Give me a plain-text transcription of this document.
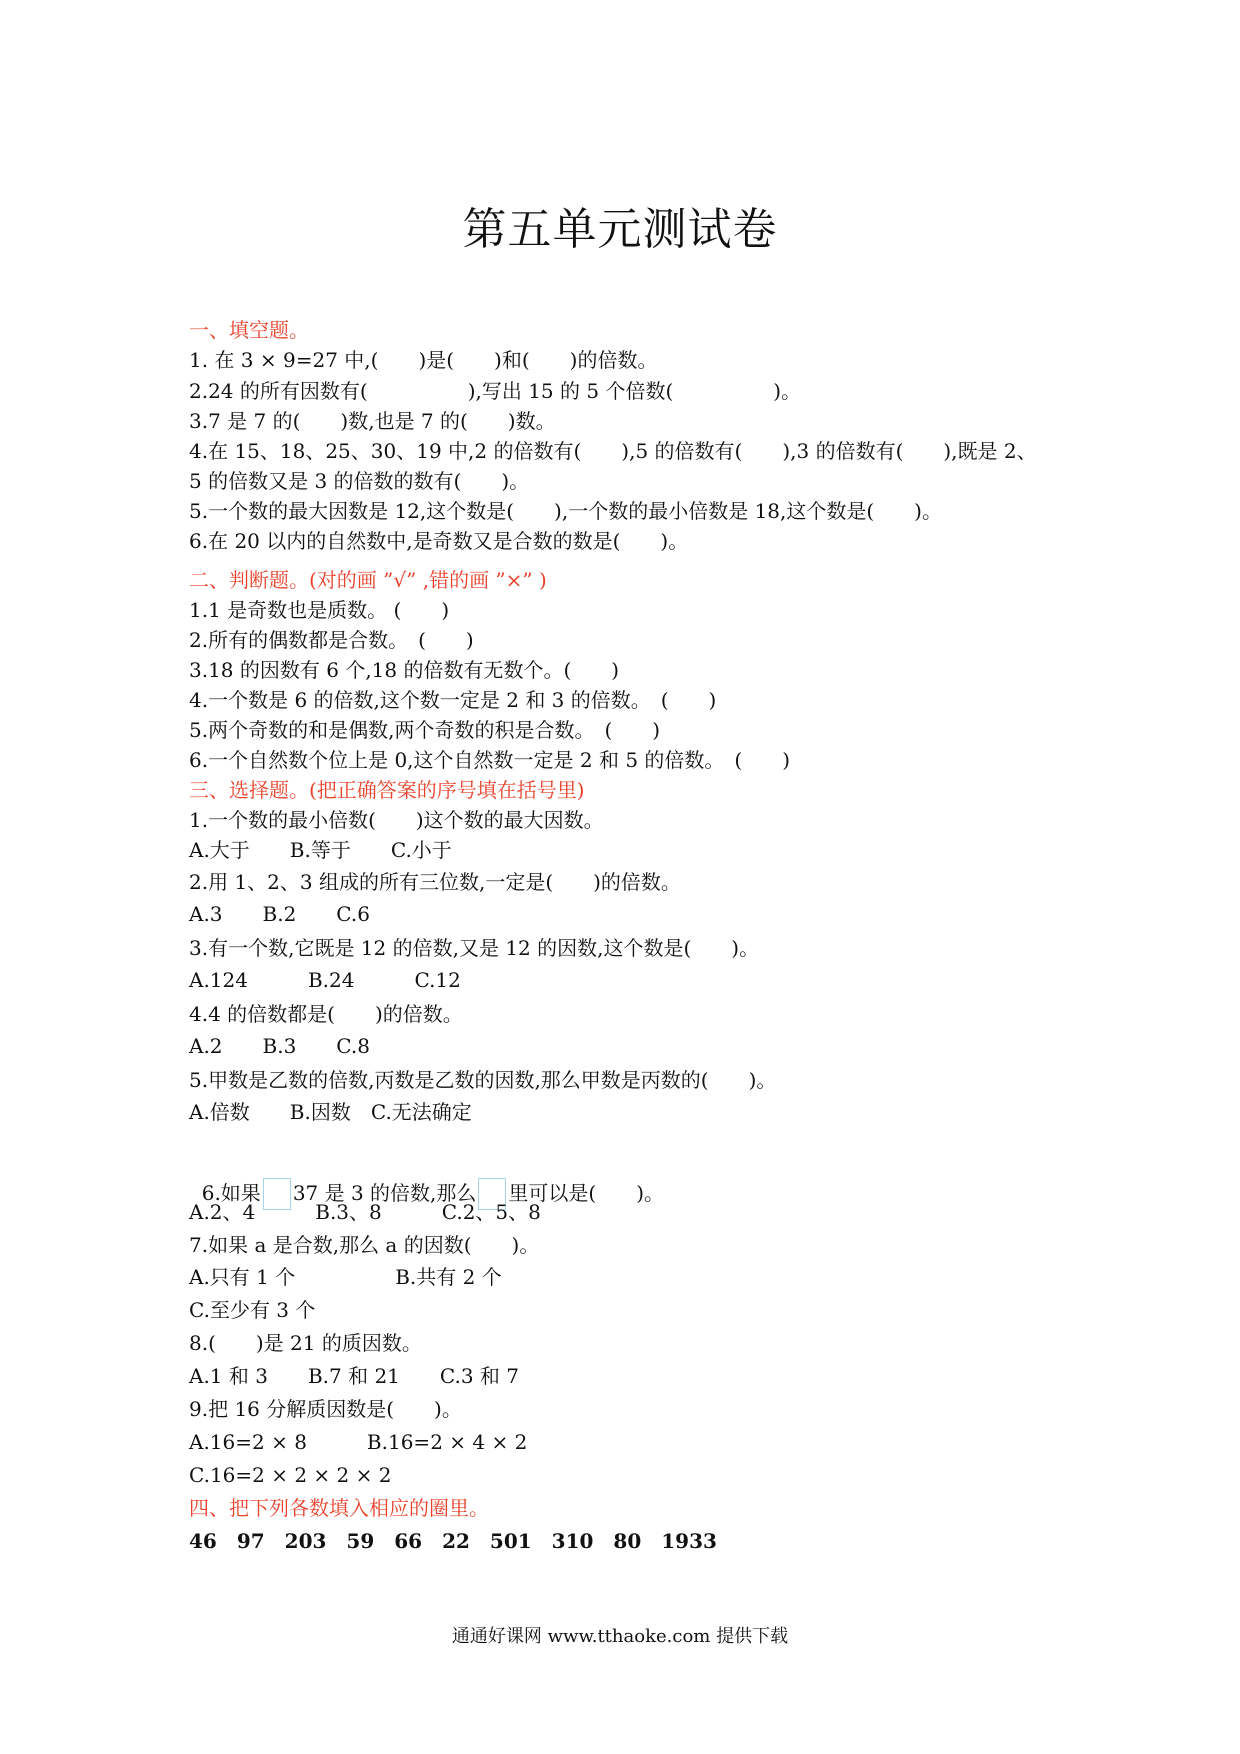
第五单元测试卷
一、填空题。
1. 在 3 × 9=27 中,(　　)是(　　)和(　　)的倍数。
2.24 的所有因数有(　　　　　),写出 15 的 5 个倍数(　　　　　)。
3.7 是 7 的(　　)数,也是 7 的(　　)数。
4.在 15、18、25、30、19 中,2 的倍数有(　　),5 的倍数有(　　),3 的倍数有(　　),既是 2、
5 的倍数又是 3 的倍数的数有(　　)。
5.一个数的最大因数是 12,这个数是(　　),一个数的最小倍数是 18,这个数是(　　)。
6.在 20 以内的自然数中,是奇数又是合数的数是(　　)。
二、判断题。(对的画 ”√” ,错的画 ”×” )
1.1 是奇数也是质数。 (　　)
2.所有的偶数都是合数。　(　　)
3.18 的因数有 6 个,18 的倍数有无数个。(　　)
4.一个数是 6 的倍数,这个数一定是 2 和 3 的倍数。　(　　)
5.两个奇数的和是偶数,两个奇数的积是合数。　(　　)
6.一个自然数个位上是 0,这个自然数一定是 2 和 5 的倍数。　(　　)
三、选择题。(把正确答案的序号填在括号里)
1.一个数的最小倍数(　　)这个数的最大因数。
A.大于　　B.等于　　C.小于
2.用 1、2、3 组成的所有三位数,一定是(　　)的倍数。
A.3　　B.2　　C.6
3.有一个数,它既是 12 的倍数,又是 12 的因数,这个数是(　　)。
A.124　　　B.24　　　C.12
4.4 的倍数都是(　　)的倍数。
A.2　　B.3　　C.8
5.甲数是乙数的倍数,丙数是乙数的因数,那么甲数是丙数的(　　)。
A.倍数　　B.因数　C.无法确定

6.如果 37 是 3 的倍数,那么 里可以是(　　)。

A.2、4　　　B.3、8　　　C.2、5、8
7.如果 a 是合数,那么 a 的因数(　　)。
A.只有 1 个　　　　　B.共有 2 个
C.至少有 3 个
8.(　　)是 21 的质因数。
A.1 和 3　　B.7 和 21　　C.3 和 7
9.把 16 分解质因数是(　　)。
A.16=2 × 8　　　B.16=2 × 4 × 2
C.16=2 × 2 × 2 × 2
四、把下列各数填入相应的圈里。
46　97　203　59　66　22　501　310　80　1933
通通好课网 www.tthaoke.com 提供下载
